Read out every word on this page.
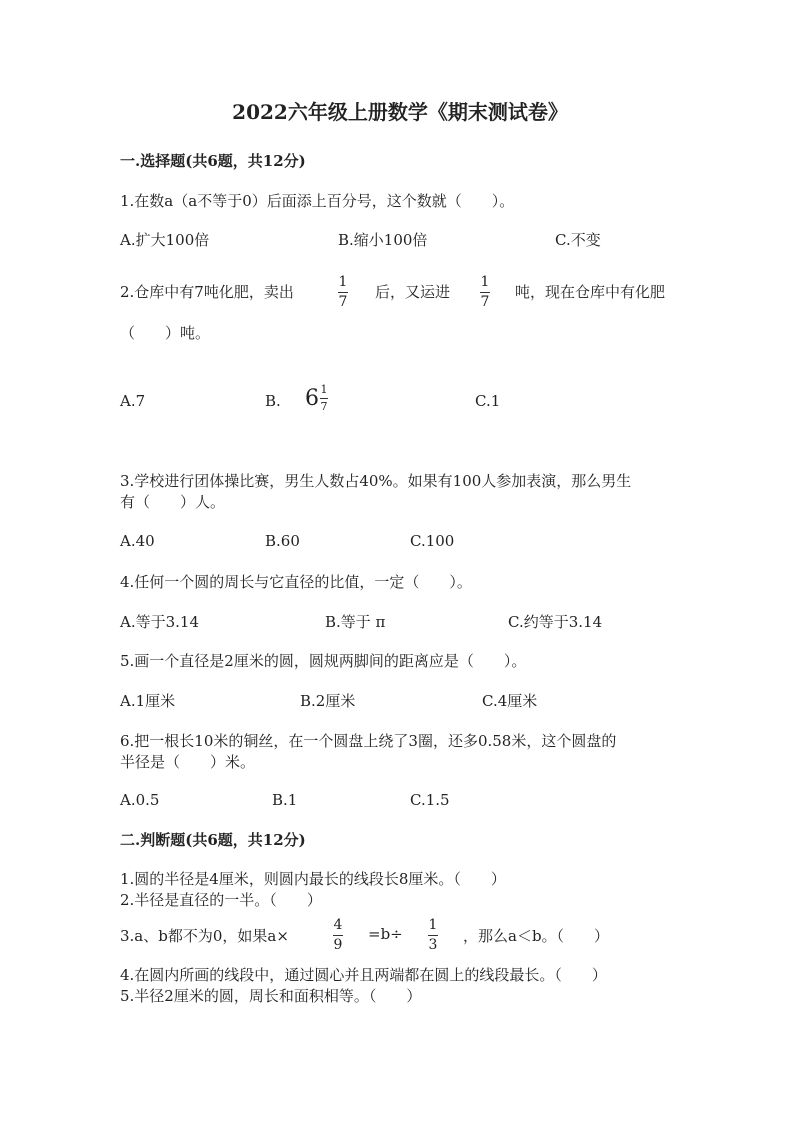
2022六年级上册数学《期末测试卷》
一.选择题(共6题，共12分)
1.在数a（a不等于0）后面添上百分号，这个数就（　　）。
A.扩大100倍	B.缩小100倍	C.不变
2.仓库中有7吨化肥，卖出	$\frac{1}{7}$ 后，又运进 $\frac{1}{7}$ 吨，现在仓库中有化肥
（　　）吨。
A.7	B. $6 \frac{1}{7}$	C.1
3.学校进行团体操比赛，男生人数占40%。如果有100人参加表演，那么男生
有（　　）人。
A.40	B.60	C.100
4.任何一个圆的周长与它直径的比值，一定（　　）。
A.等于3.14	B.等于 π	C.约等于3.14
5.画一个直径是2厘米的圆，圆规两脚间的距离应是（　　）。
A.1厘米	B.2厘米	C.4厘米
6.把一根长10米的铜丝，在一个圆盘上绕了3圈，还多0.58米，这个圆盘的
半径是（　　）米。
A.0.5	B.1	C.1.5
二.判断题(共6题，共12分)
1.圆的半径是4厘米，则圆内最长的线段长8厘米。（　　）
2.半径是直径的一半。（　　）
3.a、b都不为0，如果a×	$\frac{4}{9} =b\div \frac{1}{3}$ ，那么a＜b。（　　）
4.在圆内所画的线段中，通过圆心并且两端都在圆上的线段最长。（　　）
5.半径2厘米的圆，周长和面积相等。（　　）
